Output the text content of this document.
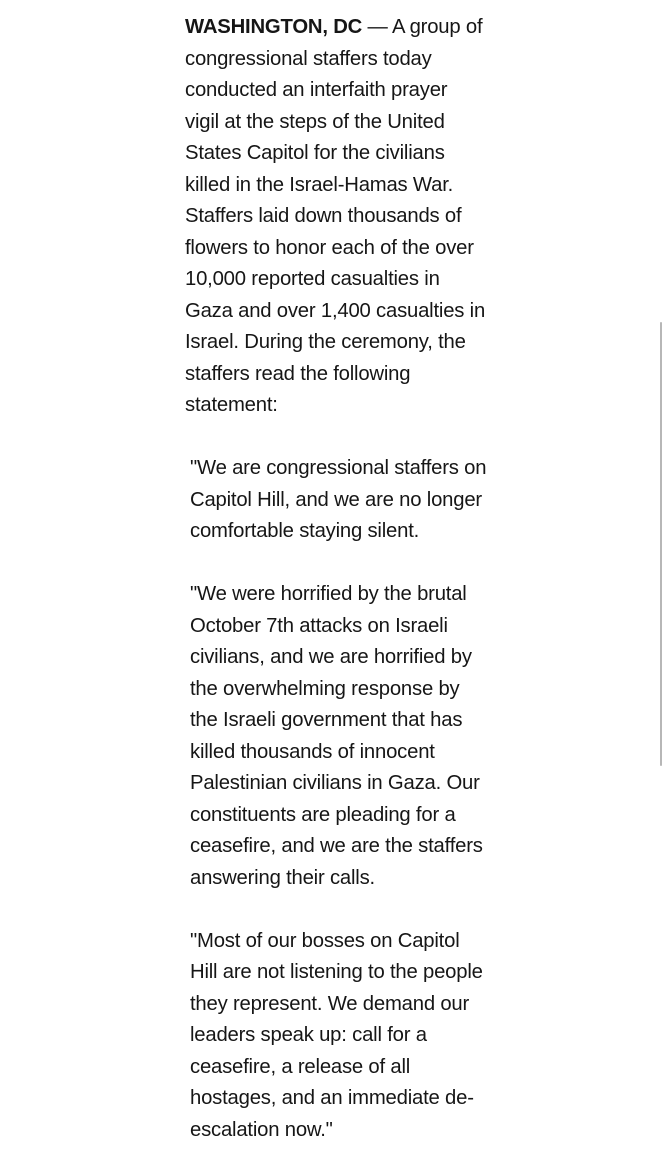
WASHINGTON, DC — A group of
congressional staffers today
conducted an interfaith prayer
vigil at the steps of the United
States Capitol for the civilians
killed in the Israel-Hamas War.
Staffers laid down thousands of
flowers to honor each of the over
10,000 reported casualties in
Gaza and over 1,400 casualties in
Israel. During the ceremony, the
staffers read the following
statement:

"We are congressional staffers on
Capitol Hill, and we are no longer
comfortable staying silent.

"We were horrified by the brutal
October 7th attacks on Israeli
civilians, and we are horrified by
the overwhelming response by
the Israeli government that has
killed thousands of innocent
Palestinian civilians in Gaza. Our
constituents are pleading for a
ceasefire, and we are the staffers
answering their calls.

"Most of our bosses on Capitol
Hill are not listening to the people
they represent. We demand our
leaders speak up: call for a
ceasefire, a release of all
hostages, and an immediate de-
escalation now."
